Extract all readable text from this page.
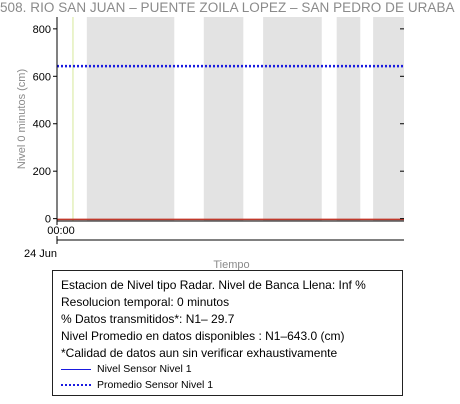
508. RIO SAN JUAN – PUENTE ZOILA LOPEZ – SAN PEDRO DE URABA
0
200
400
600
800
00:00
24 Jun
Tiempo
Nivel 0 minutos (cm)
Estacion de Nivel tipo Radar. Nivel de Banca Llena: Inf %
Resolucion temporal: 0 minutos
% Datos transmitidos*: N1– 29.7
Nivel Promedio en datos disponibles : N1–643.0 (cm)
*Calidad de datos aun sin verificar exhaustivamente
Nivel Sensor Nivel 1
Promedio Sensor Nivel 1
